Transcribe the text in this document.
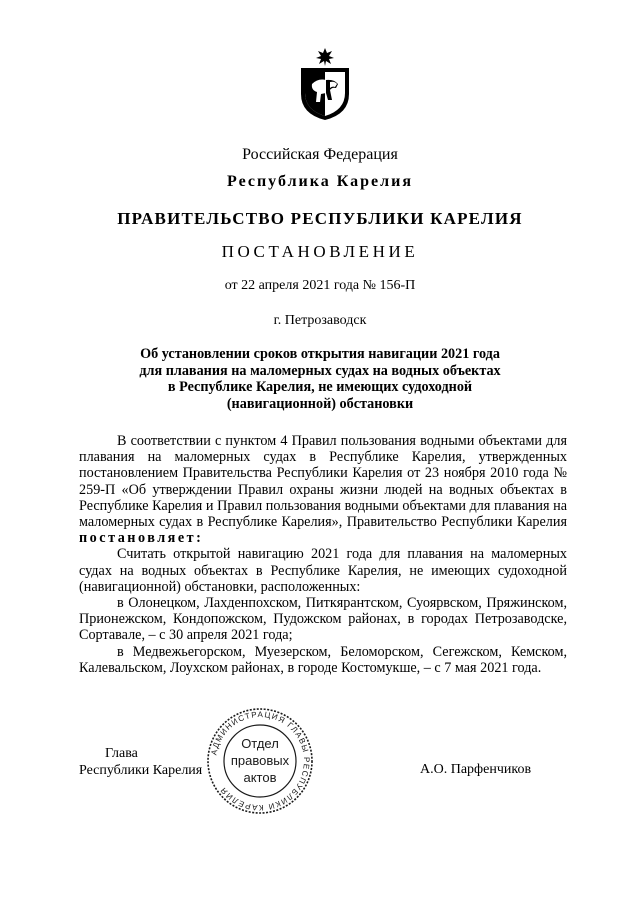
Российская Федерация
Республика Карелия
ПРАВИТЕЛЬСТВО РЕСПУБЛИКИ КАРЕЛИЯ
ПОСТАНОВЛЕНИЕ
от 22 апреля 2021 года № 156-П
г. Петрозаводск
Об установлении сроков открытия навигации 2021 года
для плавания на маломерных судах на водных объектах
в Республике Карелия, не имеющих судоходной
(навигационной) обстановки

В соответствии с пунктом 4 Правил пользования водными объектами для плавания на маломерных судах в Республике Карелия, утвержденных постановлением Правительства Республики Карелия от 23 ноября 2010 года № 259-П «Об утверждении Правил охраны жизни людей на водных объектах в Республике Карелия и Правил пользования водными объектами для плавания на маломерных судах в Республике Карелия», Правительство Республики Карелия постановляет:

Считать открытой навигацию 2021 года для плавания на маломерных судах на водных объектах в Республике Карелия, не имеющих судоходной (навигационной) обстановки, расположенных:

в Олонецком, Лахденпохском, Питкярантском, Суоярвском, Пряжинском, Прионежском, Кондопожском, Пудожском районах, в городах Петрозаводске, Сортавале, – с 30 апреля 2021 года;

в Медвежьегорском, Муезерском, Беломорском, Сегежском, Кемском, Калевальском, Лоухском районах, в городе Костомукше, – с 7 мая 2021 года.

Глава
Республики Карелия
АДМИНИСТРАЦИЯ ГЛАВЫ РЕСПУБЛИКИ КАРЕЛИЯ
Отдел
правовых
актов
А.О. Парфенчиков
